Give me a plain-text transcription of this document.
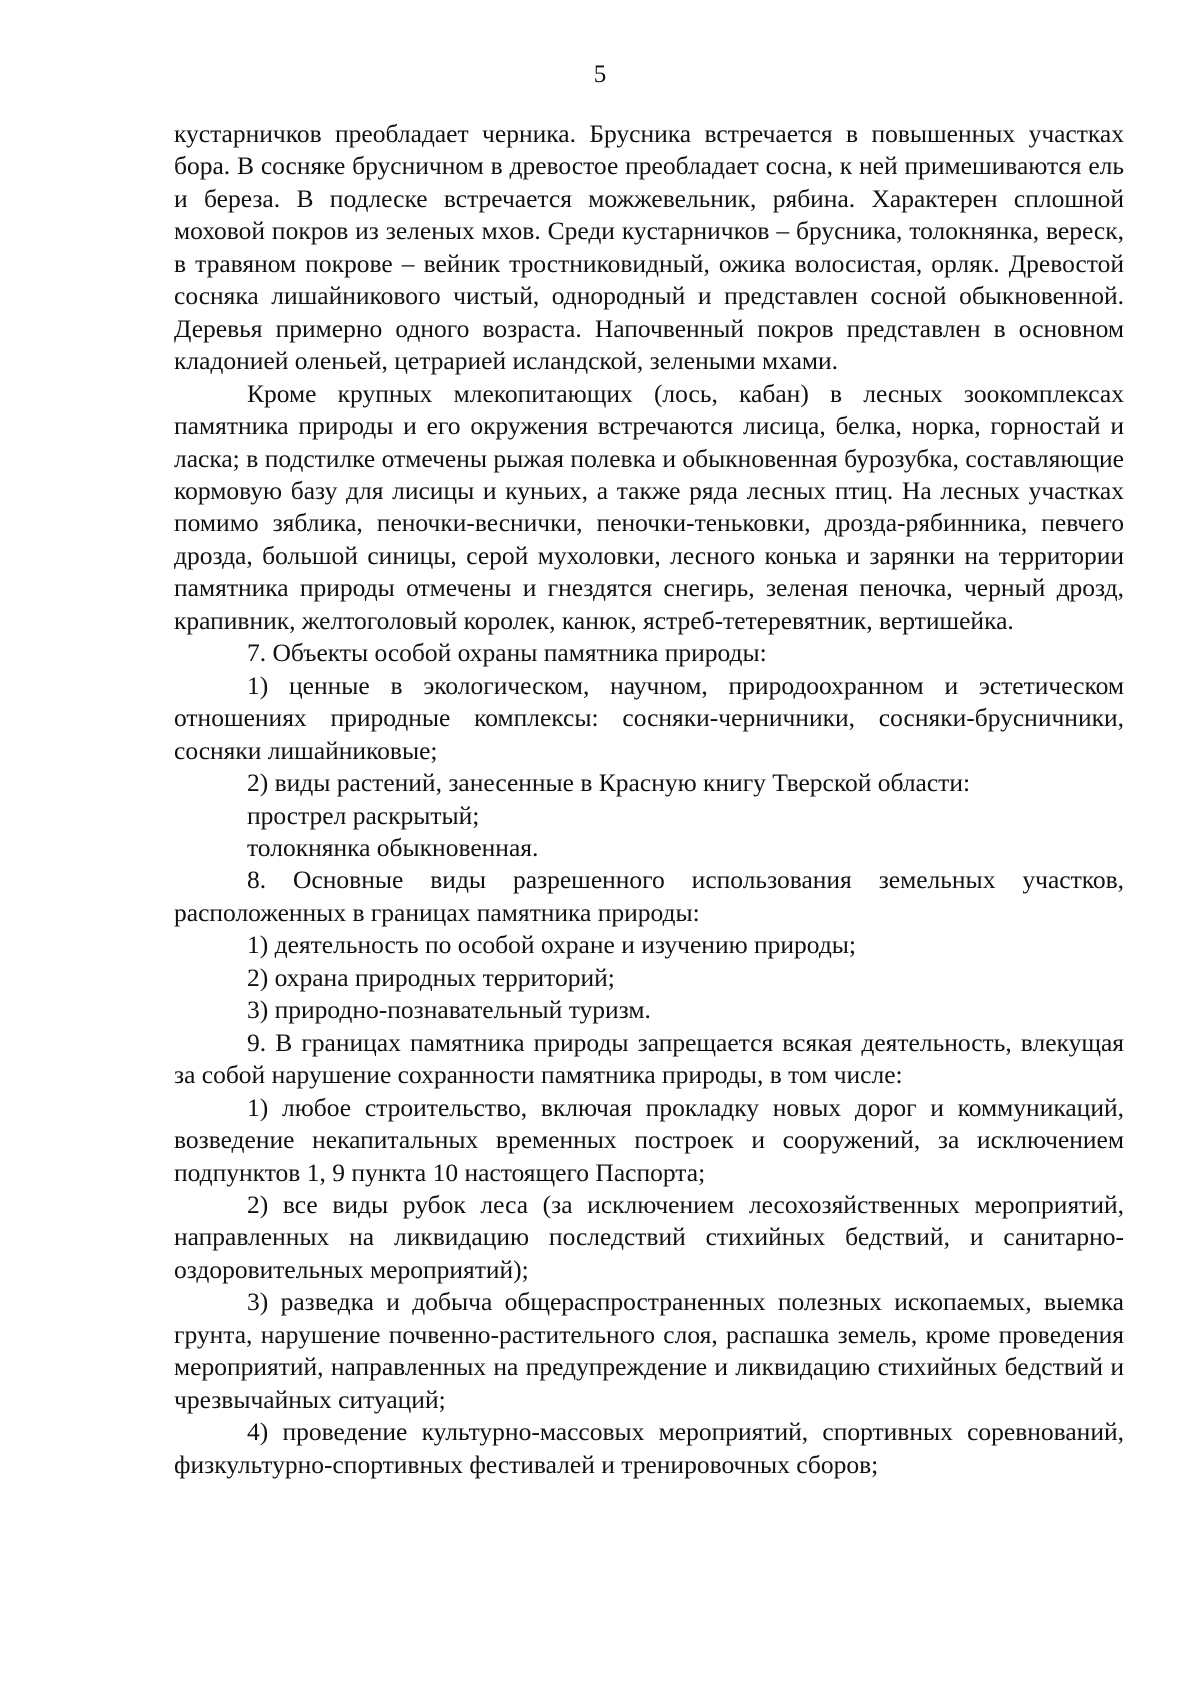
5

кустарничков преобладает черника. Брусника встречается в повышенных участках бора. В сосняке брусничном в древостое преобладает сосна, к ней примешиваются ель и береза. В подлеске встречается можжевельник, рябина. Характерен сплошной моховой покров из зеленых мхов. Среди кустарничков – брусника, толокнянка, вереск, в травяном покрове – вейник тростниковидный, ожика волосистая, орляк. Древостой сосняка лишайникового чистый, однородный и представлен сосной обыкновенной. Деревья примерно одного возраста. Напочвенный покров представлен в основном кладонией оленьей, цетрарией исландской, зелеными мхами.

Кроме крупных млекопитающих (лось, кабан) в лесных зоокомплексах памятника природы и его окружения встречаются лисица, белка, норка, горностай и ласка; в подстилке отмечены рыжая полевка и обыкновенная бурозубка, составляющие кормовую базу для лисицы и куньих, а также ряда лесных птиц. На лесных участках помимо зяблика, пеночки-веснички, пеночки-теньковки, дрозда-рябинника, певчего дрозда, большой синицы, серой мухоловки, лесного конька и зарянки на территории памятника природы отмечены и гнездятся снегирь, зеленая пеночка, черный дрозд, крапивник, желтоголовый королек, канюк, ястреб-тетеревятник, вертишейка.

7. Объекты особой охраны памятника природы:

1) ценные в экологическом, научном, природоохранном и эстетическом отношениях природные комплексы: сосняки-черничники, сосняки-брусничники, сосняки лишайниковые;

2) виды растений, занесенные в Красную книгу Тверской области:

прострел раскрытый;

толокнянка обыкновенная.

8. Основные виды разрешенного использования земельных участков, расположенных в границах памятника природы:

1) деятельность по особой охране и изучению природы;

2) охрана природных территорий;

3) природно-познавательный туризм.

9. В границах памятника природы запрещается всякая деятельность, влекущая за собой нарушение сохранности памятника природы, в том числе:

1) любое строительство, включая прокладку новых дорог и коммуникаций, возведение некапитальных временных построек и сооружений, за исключением подпунктов 1, 9 пункта 10 настоящего Паспорта;

2) все виды рубок леса (за исключением лесохозяйственных мероприятий, направленных на ликвидацию последствий стихийных бедствий, и санитарно-оздоровительных мероприятий);

3) разведка и добыча общераспространенных полезных ископаемых, выемка грунта, нарушение почвенно-растительного слоя, распашка земель, кроме проведения мероприятий, направленных на предупреждение и ликвидацию стихийных бедствий и чрезвычайных ситуаций;

4) проведение культурно-массовых мероприятий, спортивных соревнований, физкультурно-спортивных фестивалей и тренировочных сборов;
